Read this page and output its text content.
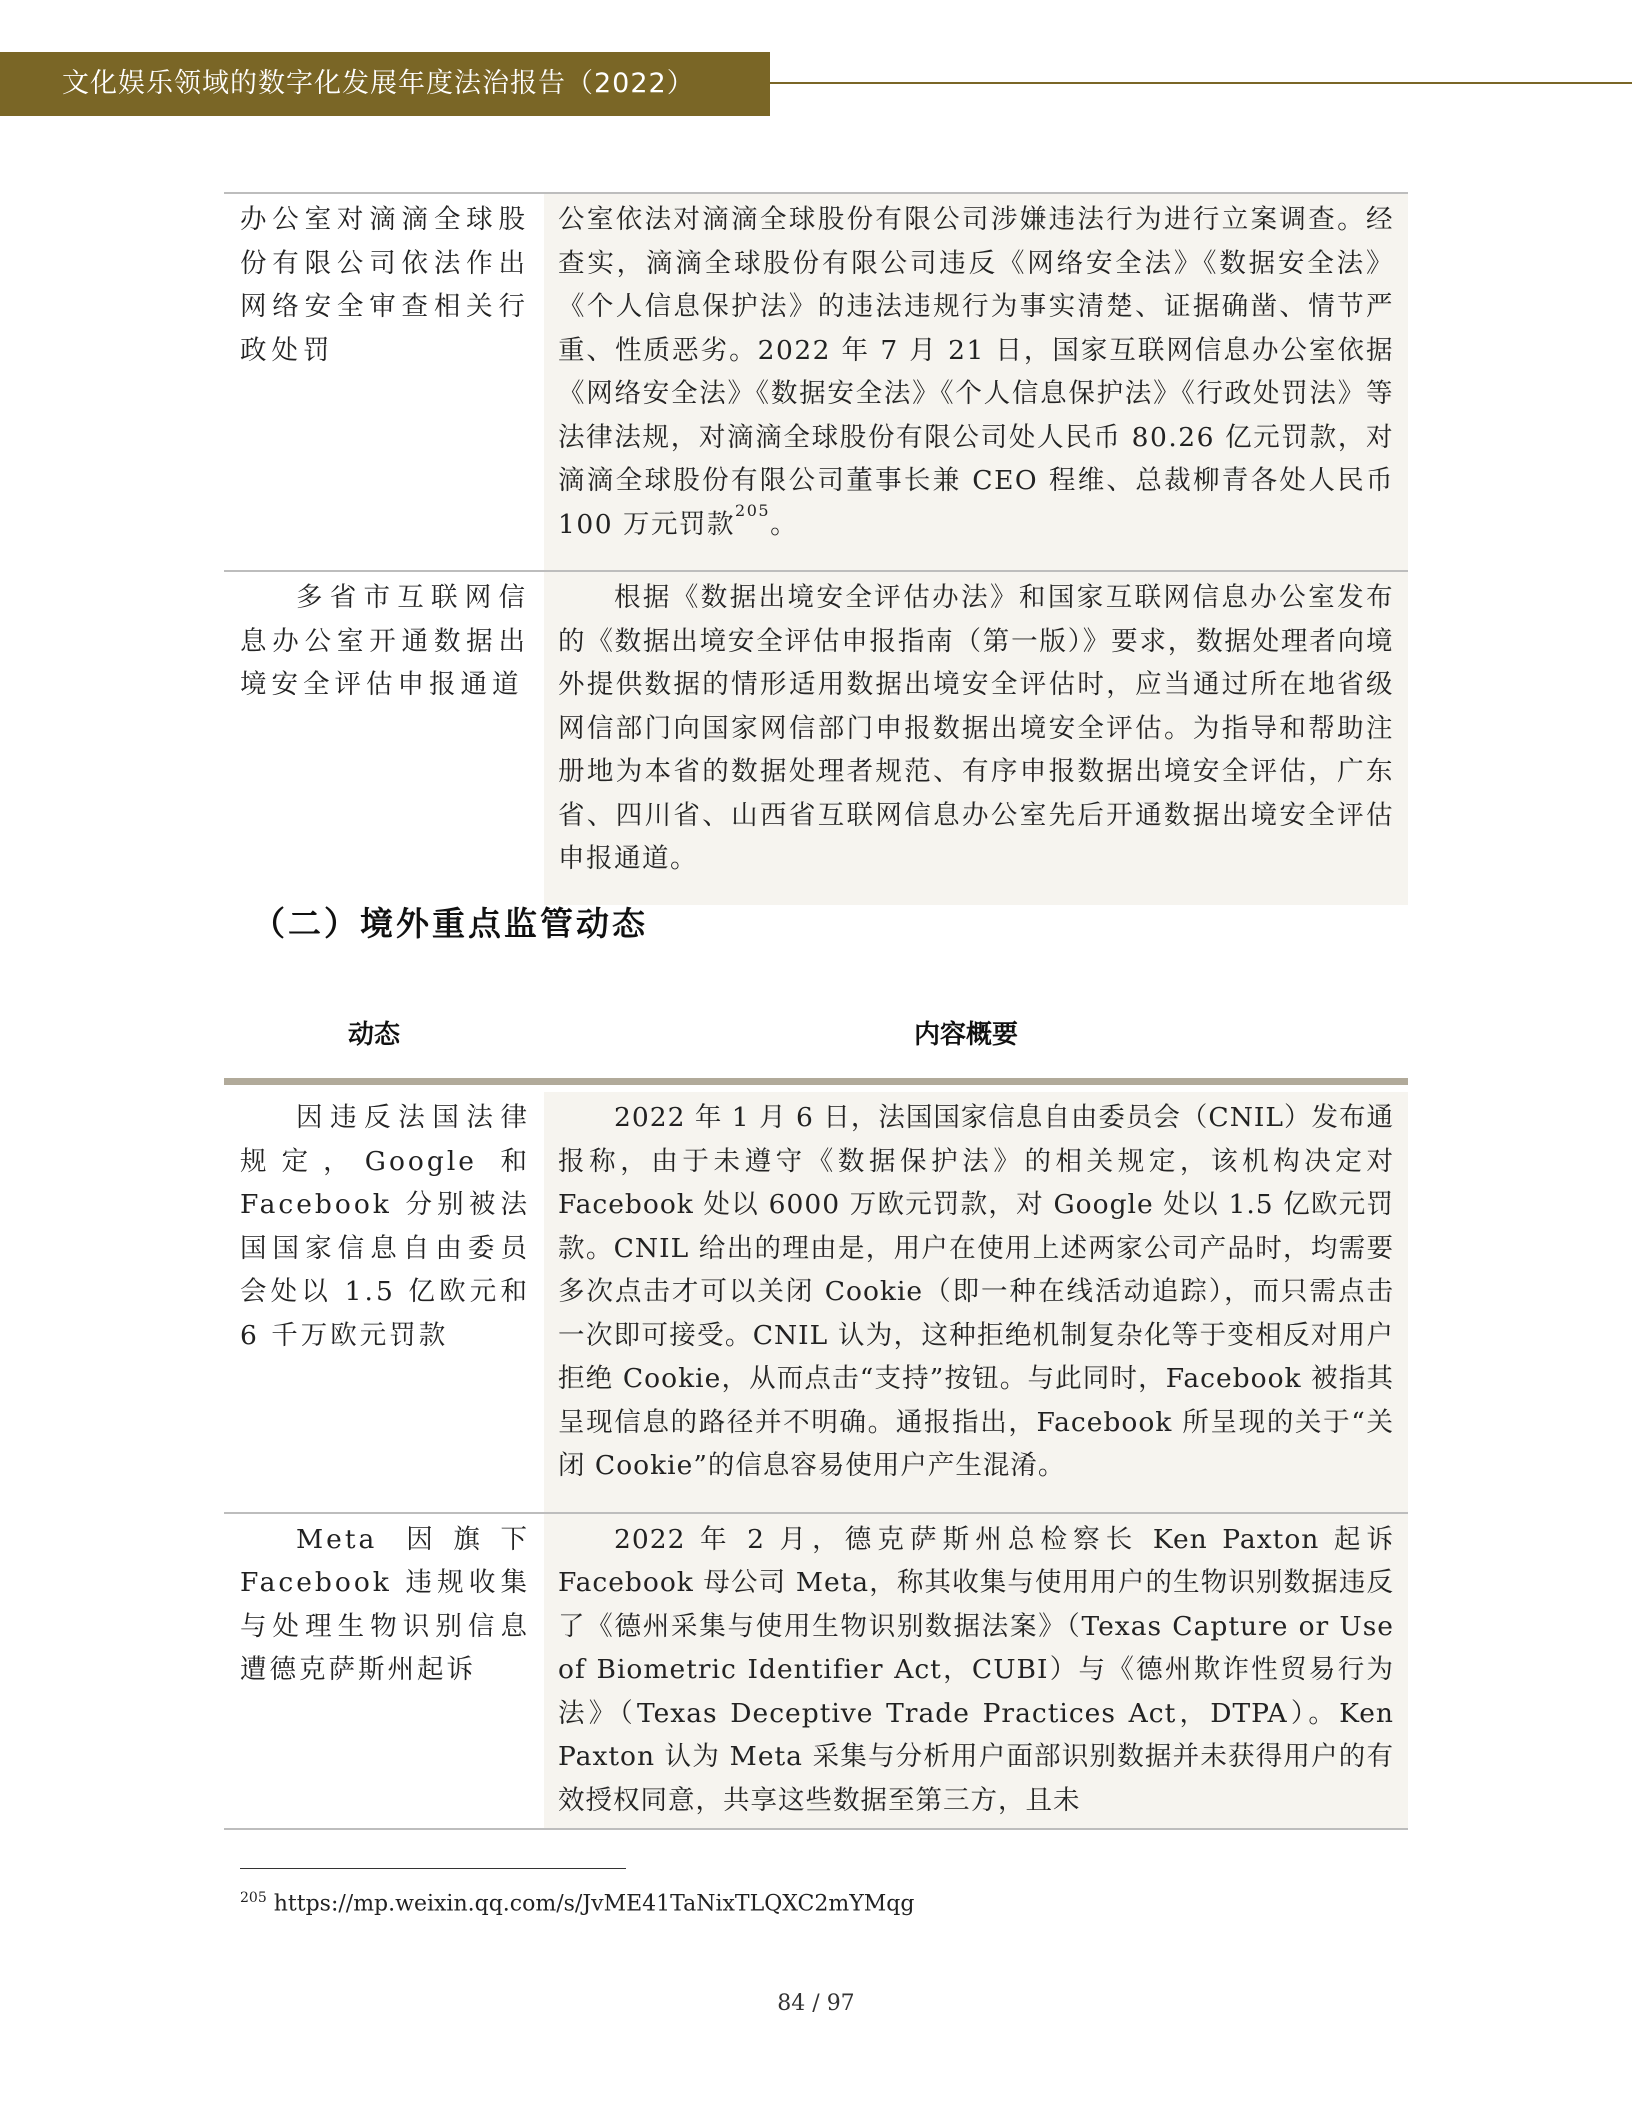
文化娱乐领域的数字化发展年度法治报告（2022）
办公室对滴滴全球股份有限公司依法作出网络安全审查相关行政处罚	公室依法对滴滴全球股份有限公司涉嫌违法行为进行立案调查。经查实，滴滴全球股份有限公司违反《网络安全法》《数据安全法》《个人信息保护法》的违法违规行为事实清楚、证据确凿、情节严重、性质恶劣。2022 年 7 月 21 日，国家互联网信息办公室依据《网络安全法》《数据安全法》《个人信息保护法》《行政处罚法》等法律法规，对滴滴全球股份有限公司处人民币 80.26 亿元罚款，对滴滴全球股份有限公司董事长兼 CEO 程维、总裁柳青各处人民币 100 万元罚款$^{205}$。
多省市互联网信息办公室开通数据出境安全评估申报通道	根据《数据出境安全评估办法》和国家互联网信息办公室发布的《数据出境安全评估申报指南（第一版）》要求，数据处理者向境外提供数据的情形适用数据出境安全评估时，应当通过所在地省级网信部门向国家网信部门申报数据出境安全评估。为指导和帮助注册地为本省的数据处理者规范、有序申报数据出境安全评估，广东省、四川省、山西省互联网信息办公室先后开通数据出境安全评估申报通道。
（二）境外重点监管动态
动态	内容概要
因违反法国法律规定，Google 和 Facebook 分别被法国国家信息自由委员会处以 1.5 亿欧元和 6 千万欧元罚款	2022 年 1 月 6 日，法国国家信息自由委员会（CNIL）发布通报称，由于未遵守《数据保护法》的相关规定，该机构决定对 Facebook 处以 6000 万欧元罚款，对 Google 处以 1.5 亿欧元罚款。CNIL 给出的理由是，用户在使用上述两家公司产品时，均需要多次点击才可以关闭 Cookie（即一种在线活动追踪），而只需点击一次即可接受。CNIL 认为，这种拒绝机制复杂化等于变相反对用户拒绝 Cookie，从而点击“支持”按钮。与此同时，Facebook 被指其呈现信息的路径并不明确。通报指出，Facebook 所呈现的关于“关闭 Cookie”的信息容易使用户产生混淆。
Meta 因旗下 Facebook 违规收集与处理生物识别信息遭德克萨斯州起诉	2022 年 2 月，德克萨斯州总检察长 Ken Paxton 起诉 Facebook 母公司 Meta，称其收集与使用用户的生物识别数据违反了《德州采集与使用生物识别数据法案》（Texas Capture or Use of Biometric Identifier Act，CUBI）与《德州欺诈性贸易行为法》（Texas Deceptive Trade Practices Act，DTPA）。Ken Paxton 认为 Meta 采集与分析用户面部识别数据并未获得用户的有效授权同意，共享这些数据至第三方，且未
$^{205}$ https://mp.weixin.qq.com/s/JvME41TaNixTLQXC2mYMqg
84 / 97
